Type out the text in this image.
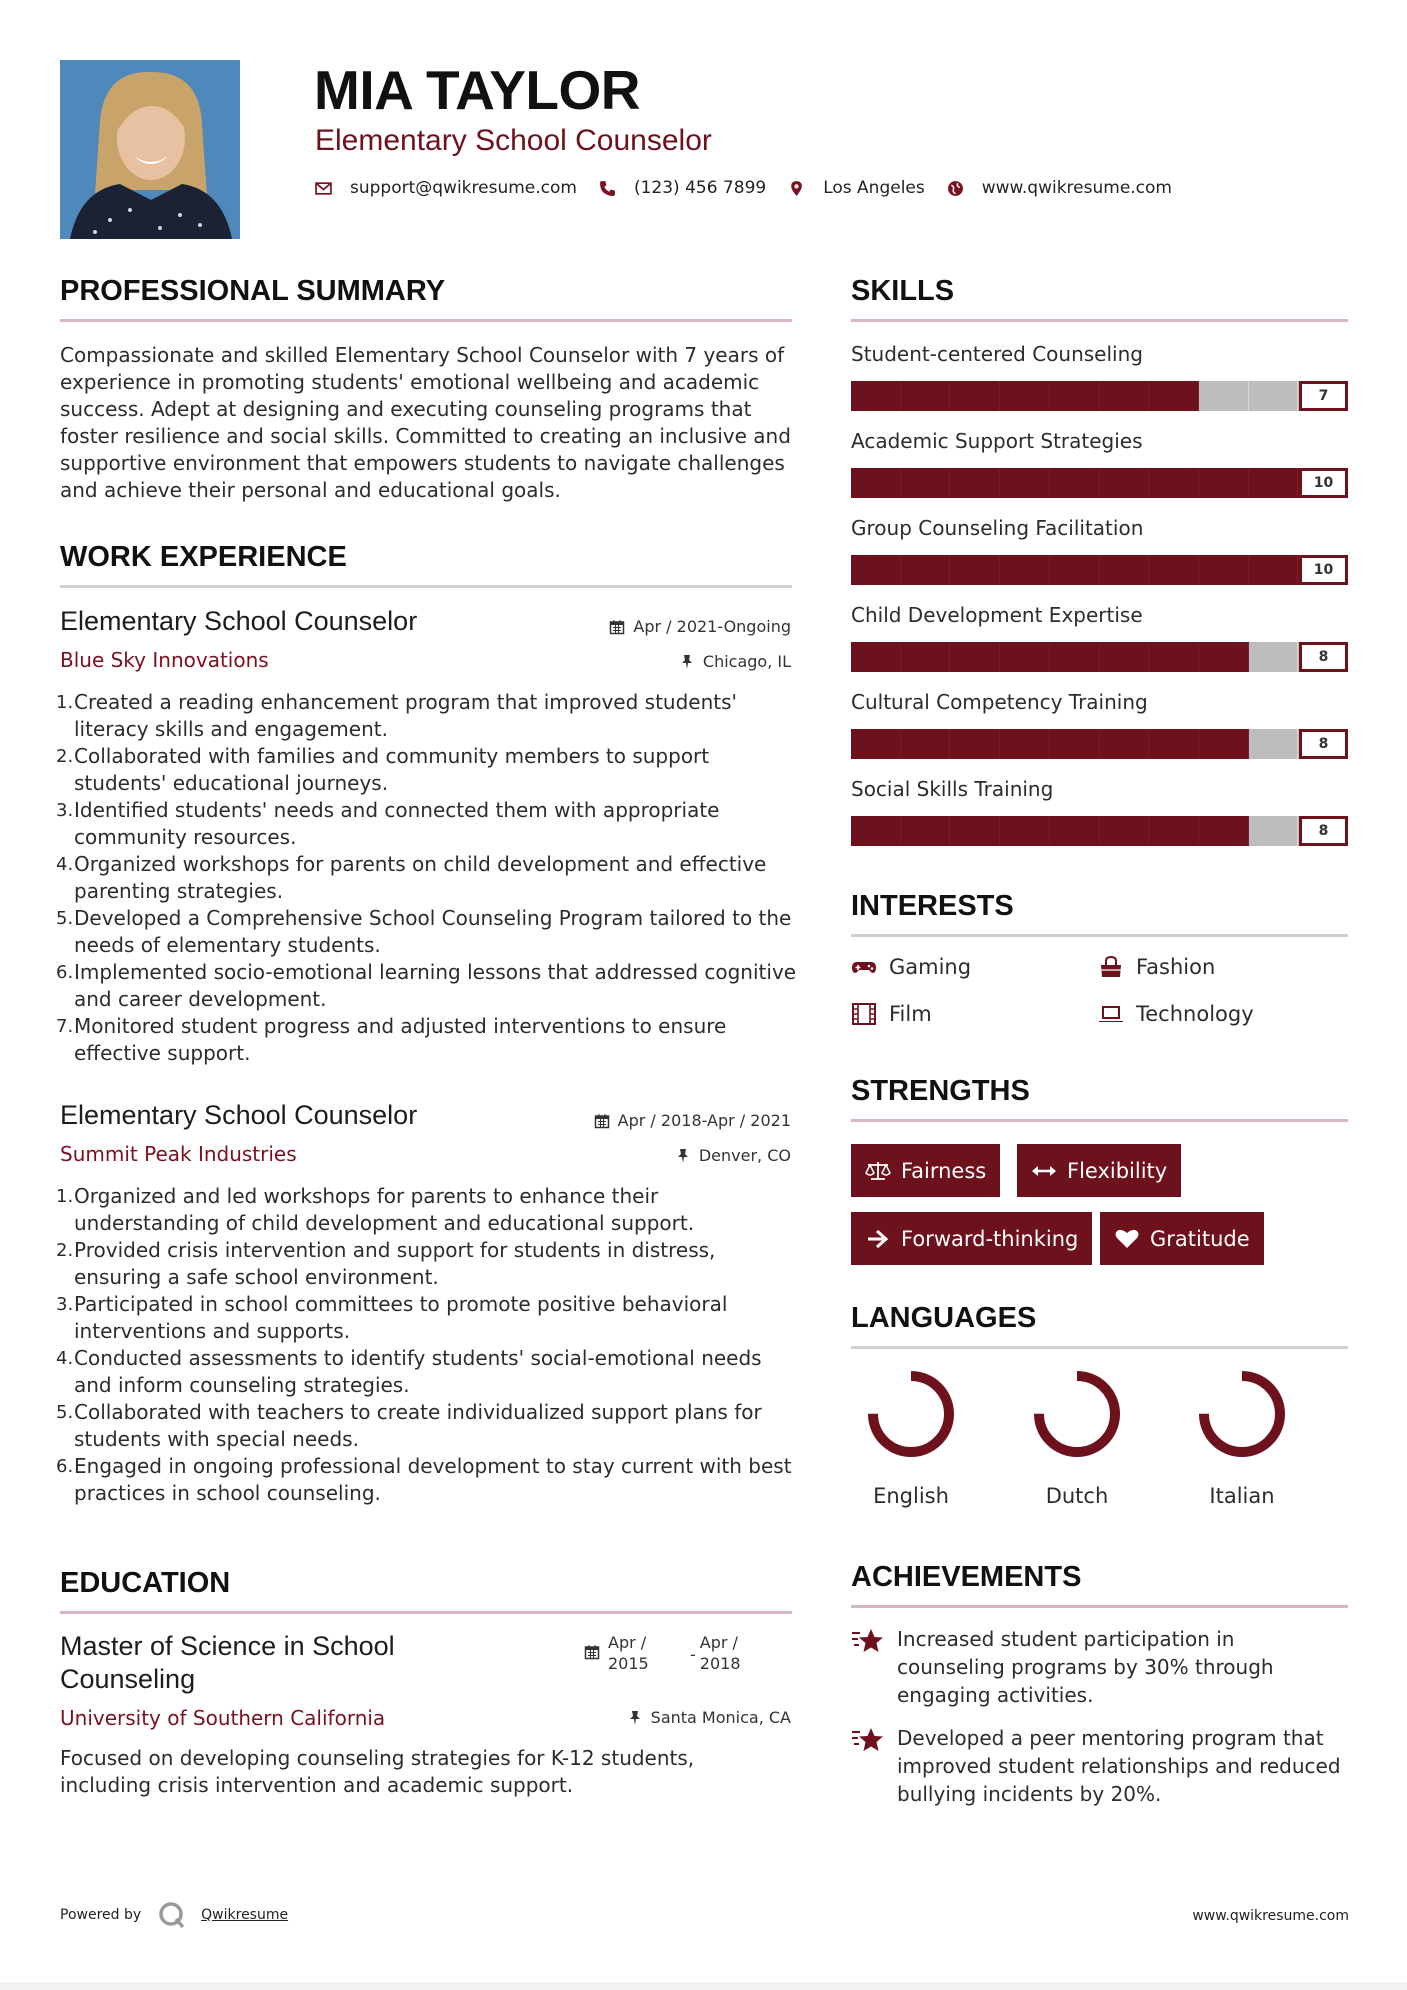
MIA TAYLOR
Elementary School Counselor
support@qwikresume.com	(123) 456 7899	Los Angeles	www.qwikresume.com
PROFESSIONAL SUMMARY
Compassionate and skilled Elementary School Counselor with 7 years of experience in promoting students' emotional wellbeing and academic success. Adept at designing and executing counseling programs that foster resilience and social skills. Committed to creating an inclusive and supportive environment that empowers students to navigate challenges and achieve their personal and educational goals.
WORK EXPERIENCE
Elementary School Counselor	Apr / 2021-Ongoing
Blue Sky Innovations	Chicago, IL
1. Created a reading enhancement program that improved students' literacy skills and engagement.
2. Collaborated with families and community members to support students' educational journeys.
3. Identified students' needs and connected them with appropriate community resources.
4. Organized workshops for parents on child development and effective parenting strategies.
5. Developed a Comprehensive School Counseling Program tailored to the needs of elementary students.
6. Implemented socio-emotional learning lessons that addressed cognitive and career development.
7. Monitored student progress and adjusted interventions to ensure effective support.
Elementary School Counselor	Apr / 2018-Apr / 2021
Summit Peak Industries	Denver, CO
1. Organized and led workshops for parents to enhance their understanding of child development and educational support.
2. Provided crisis intervention and support for students in distress, ensuring a safe school environment.
3. Participated in school committees to promote positive behavioral interventions and supports.
4. Conducted assessments to identify students' social-emotional needs and inform counseling strategies.
5. Collaborated with teachers to create individualized support plans for students with special needs.
6. Engaged in ongoing professional development to stay current with best practices in school counseling.
EDUCATION
Master of Science in School Counseling
Apr / 2015	-
Apr / 2018
University of Southern California	Santa Monica, CA
Focused on developing counseling strategies for K-12 students, including crisis intervention and academic support.
SKILLS
Student-centered Counseling
7
Academic Support Strategies
10
Group Counseling Facilitation
10
Child Development Expertise
8
Cultural Competency Training
8
Social Skills Training
8
INTERESTS
Gaming	Fashion
Film	Technology
STRENGTHS
Fairness	Flexibility
Forward-thinking	Gratitude
LANGUAGES
English	Dutch	Italian
ACHIEVEMENTS
Increased student participation in counseling programs by 30% through engaging activities.
Developed a peer mentoring program that improved student relationships and reduced bullying incidents by 20%.
Powered by	Qwikresume	www.qwikresume.com
